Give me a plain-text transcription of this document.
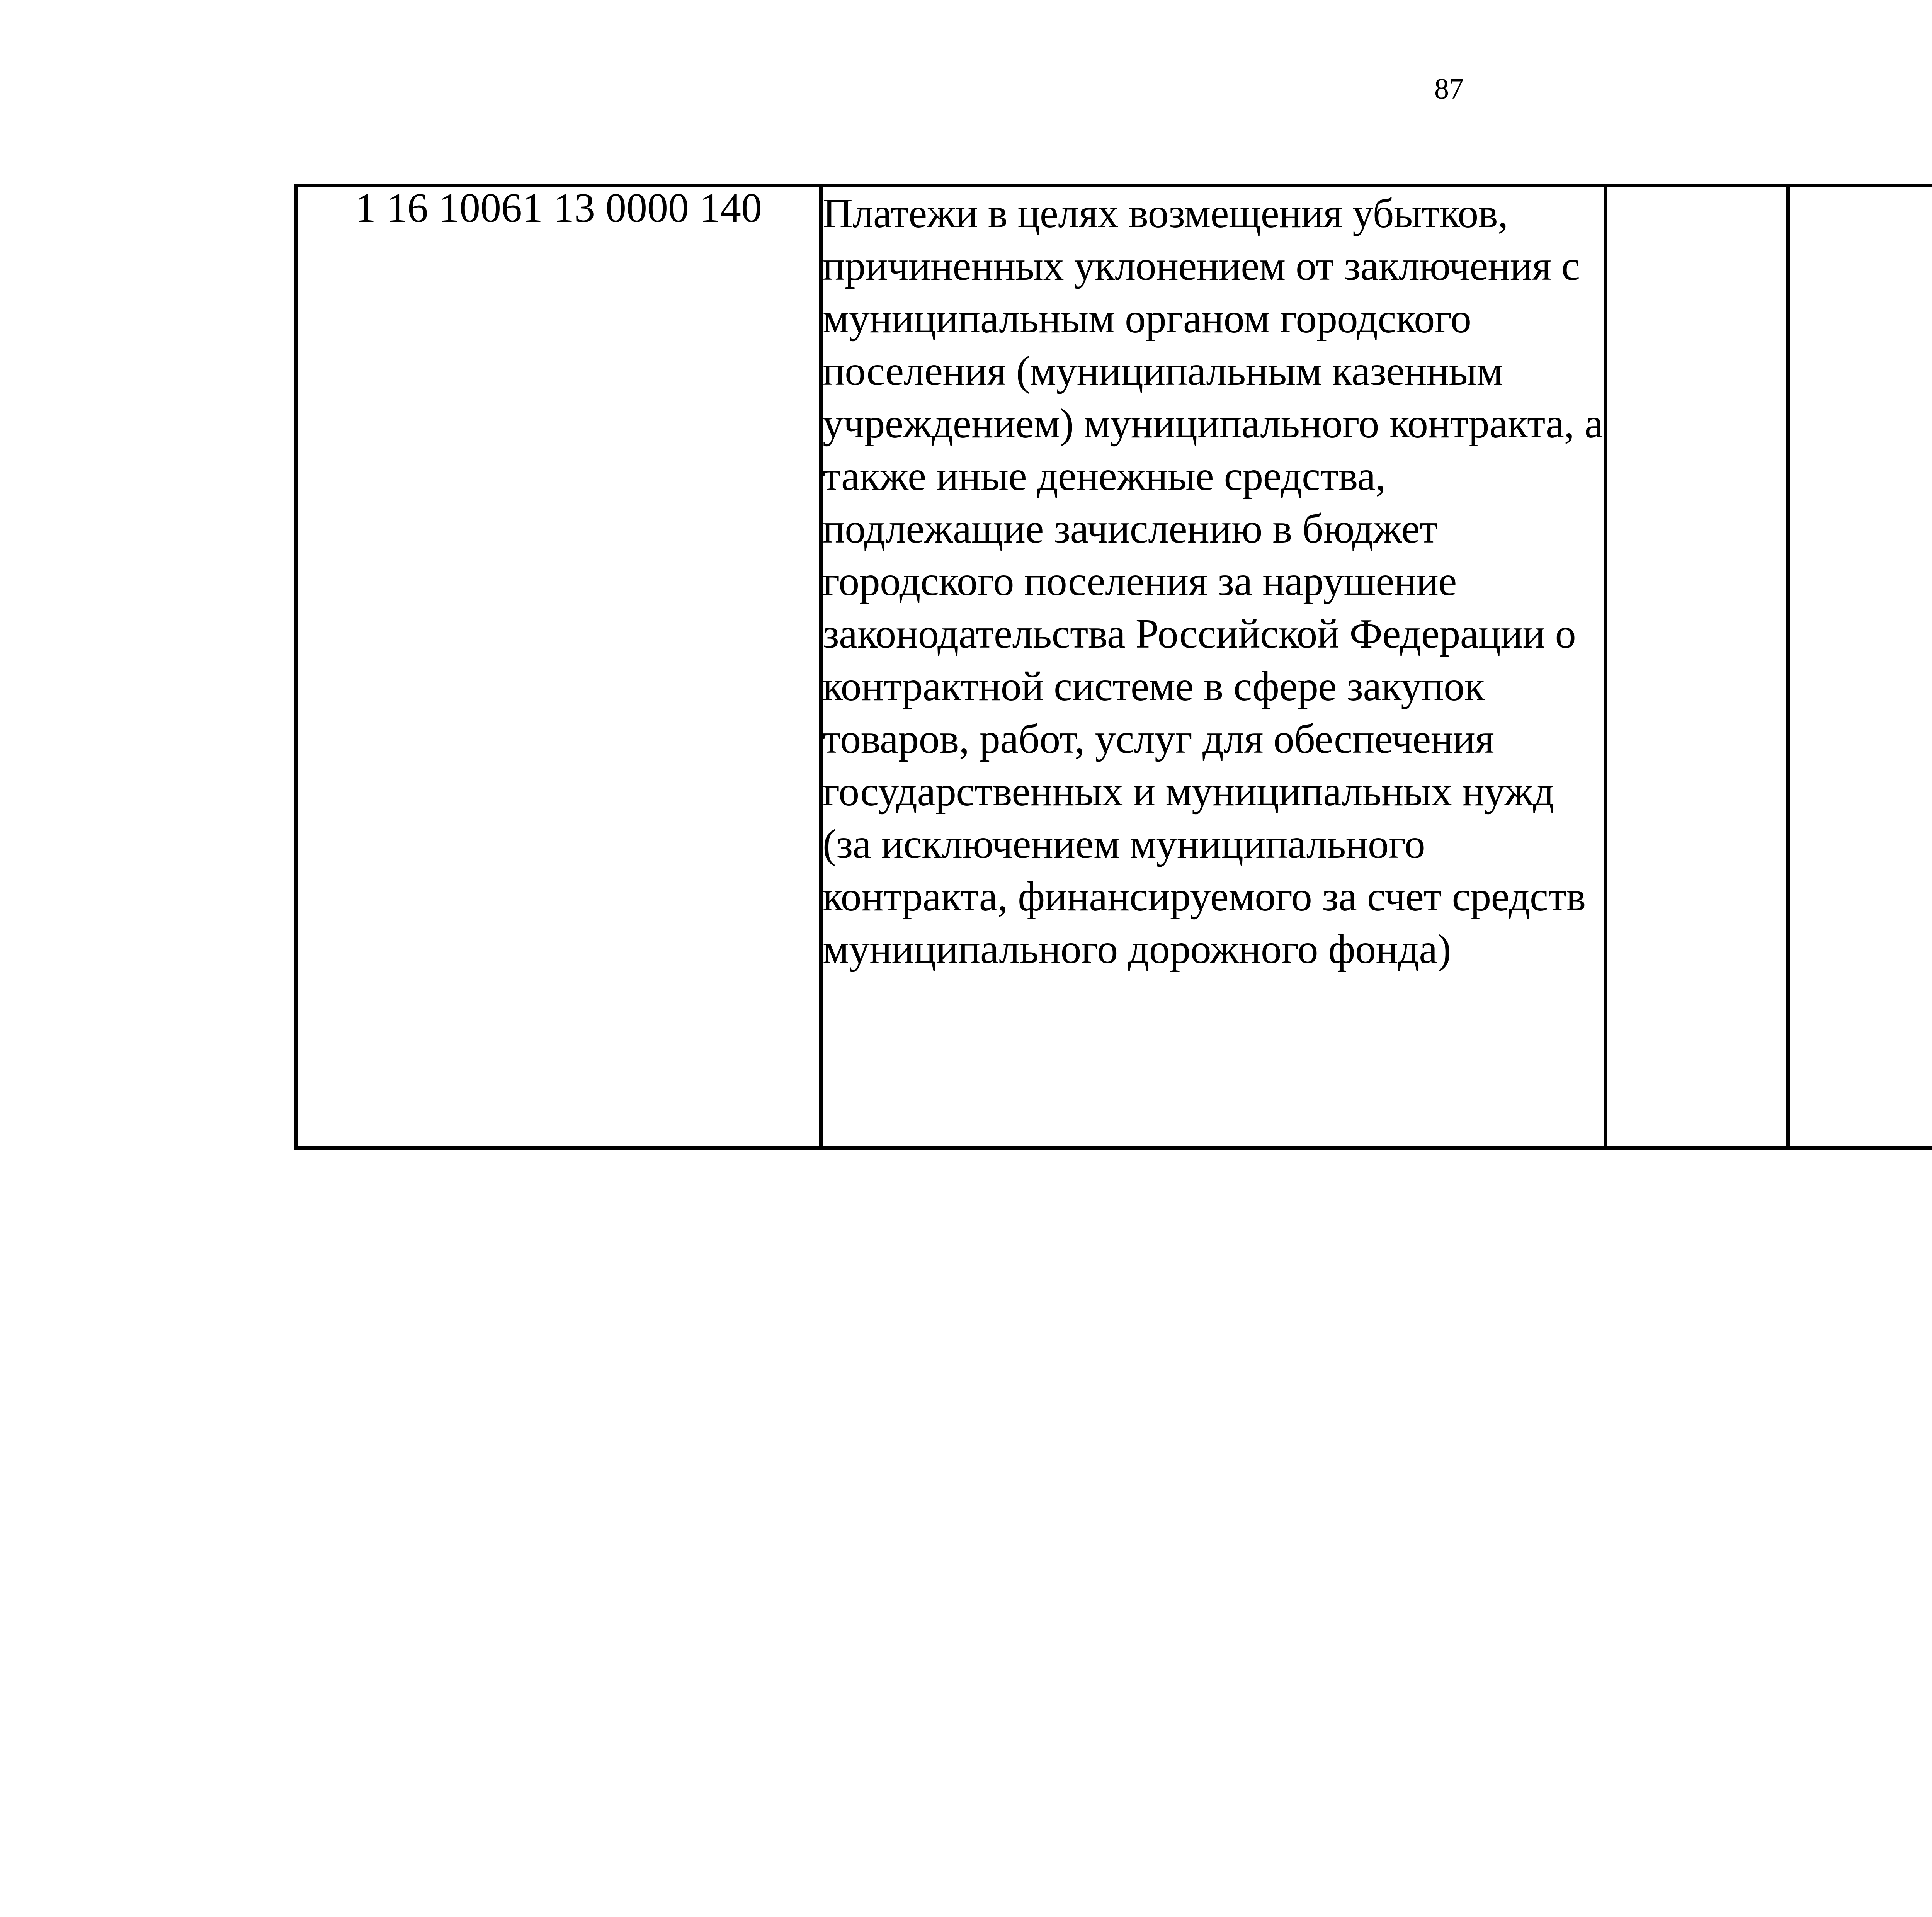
87
1 16 10061 13 0000 140	Платежи в целях возмещения убытков, причиненных уклонением от заключения с муниципальным органом городского поселения (муниципальным казенным учреждением) муниципального контракта, а также иные денежные средства, подлежащие зачислению в бюджет городского поселения за нарушение законодательства Российской Федерации о контрактной системе в сфере закупок товаров, работ, услуг для обеспечения государственных и муниципальных нужд (за исключением муниципального контракта, финансируемого за счет средств муниципального дорожного фонда)					
